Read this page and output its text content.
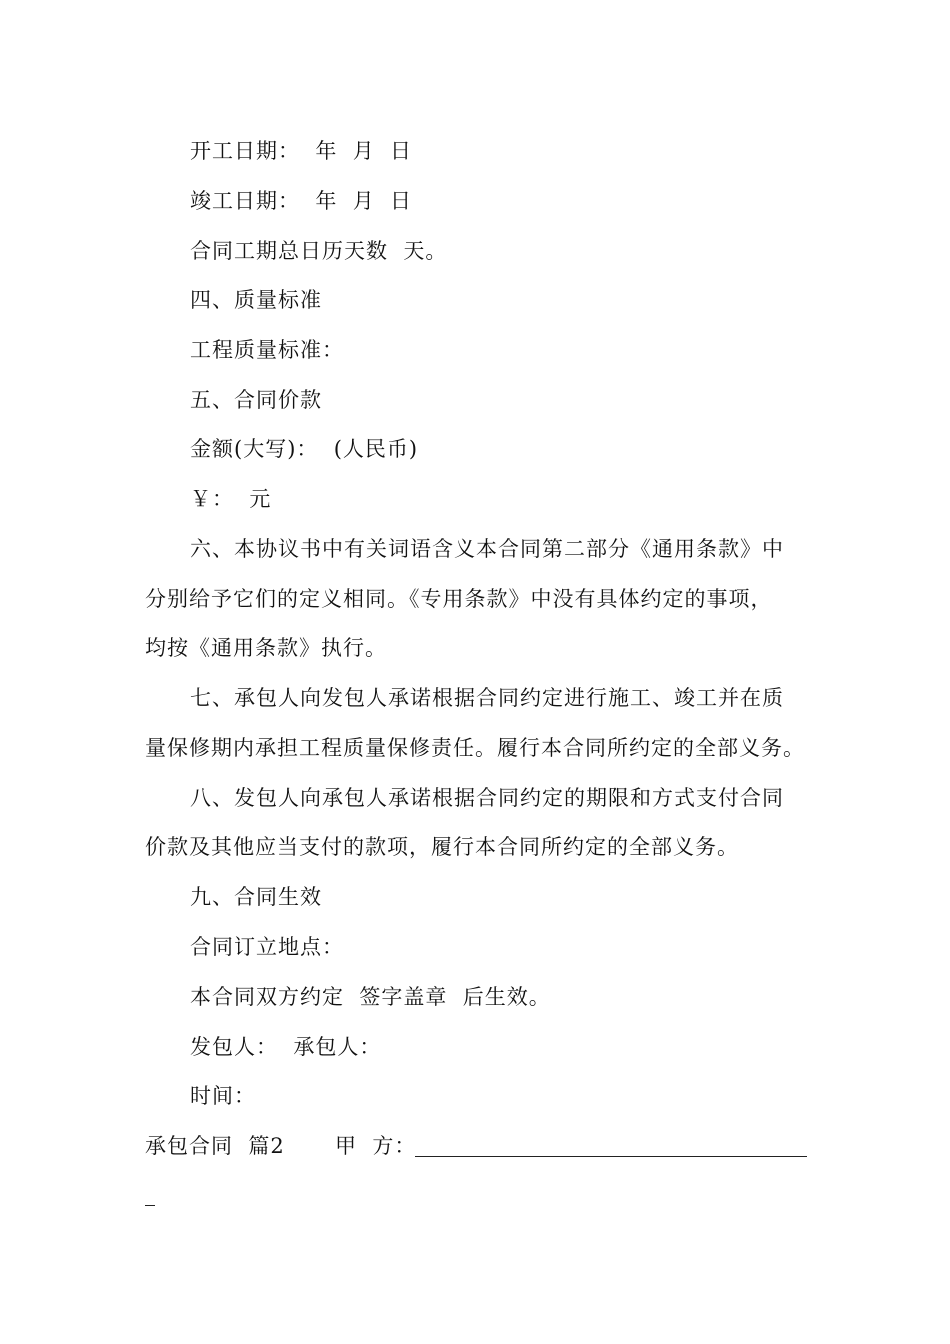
开工日期：  年  月  日
竣工日期：  年  月  日
合同工期总日历天数  天。
四、质量标准
工程质量标准：
五、合同价款
金额(大写)：  (人民币)
￥：  元
六、本协议书中有关词语含义本合同第二部分《通用条款》中
分别给予它们的定义相同。《专用条款》中没有具体约定的事项，
均按《通用条款》执行。
七、承包人向发包人承诺根据合同约定进行施工、竣工并在质
量保修期内承担工程质量保修责任。履行本合同所约定的全部义务。
八、发包人向承包人承诺根据合同约定的期限和方式支付合同
价款及其他应当支付的款项，履行本合同所约定的全部义务。
九、合同生效
合同订立地点：
本合同双方约定  签字盖章  后生效。
发包人：  承包人：
时间：
承包合同  篇2 甲  方：
